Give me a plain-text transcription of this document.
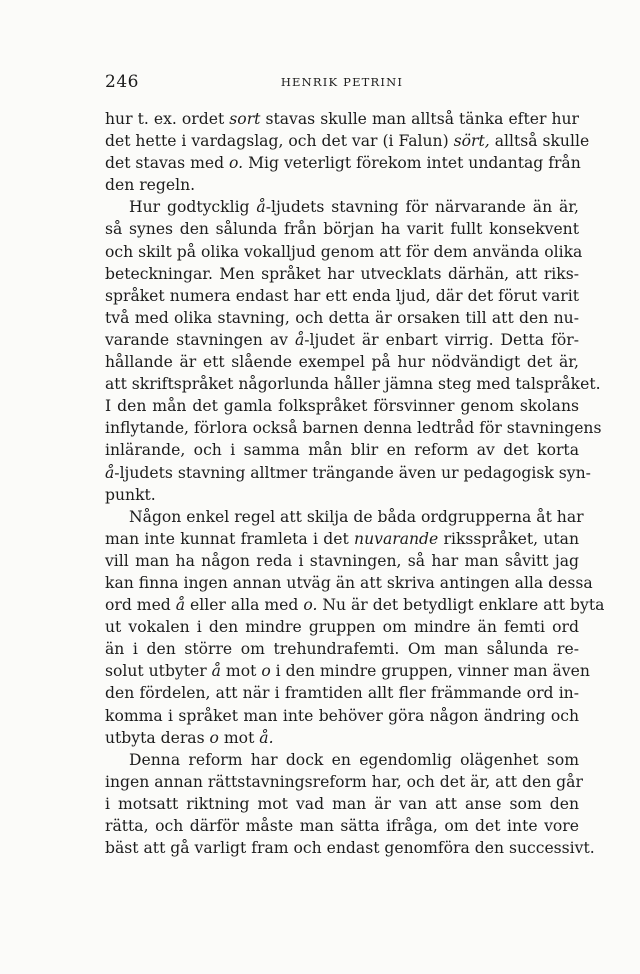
246	HENRIK PETRINI
hur t. ex. ordet sort stavas skulle man alltså tänka efter hur
det hette i vardagslag, och det var (i Falun) sört, alltså skulle
det stavas med o. Mig veterligt förekom intet undantag från
den regeln.
Hur godtycklig å-ljudets stavning för närvarande än är,
så synes den sålunda från början ha varit fullt konsekvent
och skilt på olika vokalljud genom att för dem använda olika
beteckningar. Men språket har utvecklats därhän, att riks-
språket numera endast har ett enda ljud, där det förut varit
två med olika stavning, och detta är orsaken till att den nu-
varande stavningen av å-ljudet är enbart virrig. Detta för-
hållande är ett slående exempel på hur nödvändigt det är,
att skriftspråket någorlunda håller jämna steg med talspråket.
I den mån det gamla folkspråket försvinner genom skolans
inflytande, förlora också barnen denna ledtråd för stavningens
inlärande, och i samma mån blir en reform av det korta
å-ljudets stavning alltmer trängande även ur pedagogisk syn-
punkt.
Någon enkel regel att skilja de båda ordgrupperna åt har
man inte kunnat framleta i det nuvarande riksspråket, utan
vill man ha någon reda i stavningen, så har man såvitt jag
kan finna ingen annan utväg än att skriva antingen alla dessa
ord med å eller alla med o. Nu är det betydligt enklare att byta
ut vokalen i den mindre gruppen om mindre än femti ord
än i den större om trehundrafemti. Om man sålunda re-
solut utbyter å mot o i den mindre gruppen, vinner man även
den fördelen, att när i framtiden allt fler främmande ord in-
komma i språket man inte behöver göra någon ändring och
utbyta deras o mot å.
Denna reform har dock en egendomlig olägenhet som
ingen annan rättstavningsreform har, och det är, att den går
i motsatt riktning mot vad man är van att anse som den
rätta, och därför måste man sätta ifråga, om det inte vore
bäst att gå varligt fram och endast genomföra den successivt.
